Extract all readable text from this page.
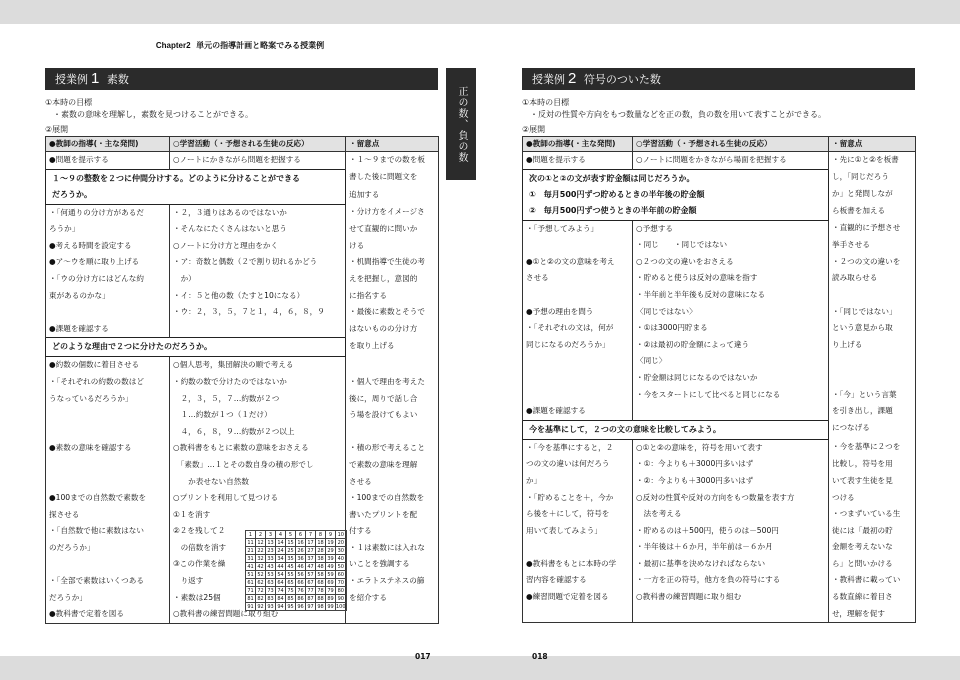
Chapter2 単元の指導計画と略案でみる授業例
授業例 1 素数
①本時の目標
・素数の意味を理解し，素数を見つけることができる。
②展開
●教師の指導(・主な発問)	○学習活動（・予想される生徒の反応）	・留意点
●問題を提示する	○ノートにかきながら問題を把握する	・１～９までの数を板

１～９の整数を２つに仲間分けする。どのように分けることができる
だろうか。		書した後に問題文を
		追加する
・「何通りの分け方があるだ	・２，３通りはあるのではないか	・分け方をイメージさ
ろうか」	・そんなにたくさんはないと思う	せて直観的に問いか
●考える時間を設定する	○ノートに分け方と理由をかく	ける
●ア～ウを順に取り上げる	・ア：奇数と偶数（２で割り切れるかどう	・机間指導で生徒の考
・「ウの分け方にはどんな約	　か）	えを把握し，意図的
東があるのかな」	・イ：５と他の数（たすと10になる）	に指名する
	・ウ：２，３，５，７と１，４，６，８，９	・最後に素数とそうで
●課題を確認する		はないものの分け方

どのような理由で２つに分けたのだろうか。		を取り上げる
●約数の個数に着目させる	○個人思考，集団解決の順で考える	
・「それぞれの約数の数はど	・約数の数で分けたのではないか	・個人で理由を考えた
うなっているだろうか」	　２，３，５，７…約数が２つ	後に，周りで話し合
	　１…約数が１つ（１だけ）	う場を設けてもよい
	　４，６，８，９…約数が２つ以上	
●素数の意味を確認する	○教科書をもとに素数の意味をおさえる	・積の形で考えること
	　「素数」…１とその数自身の積の形でし	で素数の意味を理解
	　　か表せない自然数	させる
●100までの自然数で素数を	○プリントを利用して見つける	・100までの自然数を
探させる	①１を消す	書いたプリントを配
・「自然数で他に素数はない	②２を残して２	付する
のだろうか」	　の倍数を消す	・１は素数には入れな
	③この作業を繰	いことを強調する
・「全部で素数はいくつある	　り返す	・エラトステネスの篩
だろうか」	・素数は25個	を紹介する
●教科書で定着を図る	○教科書の練習問題に取り組む	
017
1	2	3	4	5	6	7	8	9	10
11	12	13	14	15	16	17	18	19	20
21	22	23	24	25	26	27	28	29	30
31	32	33	34	35	36	37	38	39	40
41	42	43	44	45	46	47	48	49	50
51	52	53	54	55	56	57	58	59	60
61	62	63	64	65	66	67	68	69	70
71	72	73	74	75	76	77	78	79	80
81	82	83	84	85	86	87	88	89	90
91	92	93	94	95	96	97	98	99	100
正の数、負の数
授業例 2 符号のついた数
①本時の目標
・反対の性質や方向をもつ数量などを正の数，負の数を用いて表すことができる。
②展開
●教師の指導(・主な発問)	○学習活動（・予想される生徒の反応）	・留意点
●問題を提示する	○ノートに問題をかきながら場面を把握する	・先に①と②を板書

次の①と②の文が表す貯金額は同じだろうか。
①　毎月500円ずつ貯めるときの半年後の貯金額
②　毎月500円ずつ使うときの半年前の貯金額		し，「同じだろう
		か」と発問しなが
		ら板書を加える
・「予想してみよう」	○予想する	・直観的に予想させ
	・同じ　　・同じではない	挙手させる
●①と②の文の意味を考え	○２つの文の違いをおさえる	・２つの文の違いを
させる	・貯めると使うは反対の意味を指す	読み取らせる
	・半年前と半年後も反対の意味になる	
●予想の理由を問う	〈同じではない〉	・「同じではない」
・「それぞれの文は，何が	・①は3000円貯まる	という意見から取
同じになるのだろうか」	・②は最初の貯金額によって違う	り上げる
	〈同じ〉	
	・貯金額は同じになるのではないか	
	・今をスタートにして比べると同じになる	・「今」という言葉
●課題を確認する		を引き出し，課題

今を基準にして，２つの文の意味を比較してみよう。		につなげる
・「今を基準にすると，２	○①と②の意味を，符号を用いて表す	・今を基準に２つを
つの文の違いは何だろう	・①：今よりも＋3000円多いはず	比較し，符号を用
か」	・②：今よりも＋3000円多いはず	いて表す生徒を見
・「貯めることを＋，今か	○反対の性質や反対の方向をもつ数量を表す方	つける
ら後を＋にして，符号を	　法を考える	・つまずいている生
用いて表してみよう」	・貯めるのは＋500円，使うのは－500円	徒には「最初の貯
	・半年後は＋６か月，半年前は－６か月	金額を考えないな
●教科書をもとに本時の学	・最初に基準を決めなければならない	ら」と問いかける
習内容を確認する	・一方を正の符号，他方を負の符号にする	・教科書に載ってい
●練習問題で定着を図る	○教科書の練習問題に取り組む	る数直線に着目さ
		せ，理解を促す
018
